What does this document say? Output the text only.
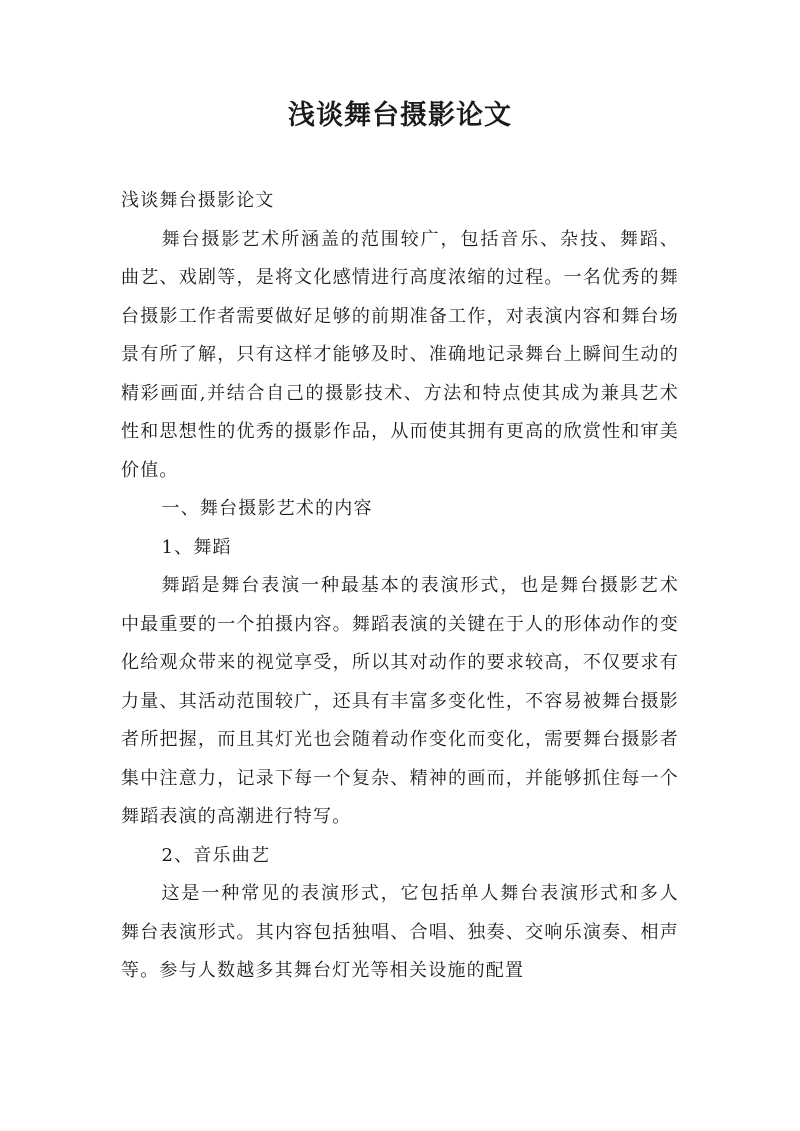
浅谈舞台摄影论文

浅谈舞台摄影论文

舞台摄影艺术所涵盖的范围较广，包括音乐、杂技、舞蹈、曲艺、戏剧等，是将文化感情进行高度浓缩的过程。一名优秀的舞台摄影工作者需要做好足够的前期准备工作，对表演内容和舞台场景有所了解，只有这样才能够及时、准确地记录舞台上瞬间生动的精彩画面,并结合自己的摄影技术、方法和特点使其成为兼具艺术性和思想性的优秀的摄影作品，从而使其拥有更高的欣赏性和审美价值。

一、舞台摄影艺术的内容

1、舞蹈

舞蹈是舞台表演一种最基本的表演形式，也是舞台摄影艺术中最重要的一个拍摄内容。舞蹈表演的关键在于人的形体动作的变化给观众带来的视觉享受，所以其对动作的要求较高，不仅要求有力量、其活动范围较广，还具有丰富多变化性，不容易被舞台摄影者所把握，而且其灯光也会随着动作变化而变化，需要舞台摄影者集中注意力，记录下每一个复杂、精神的画而，并能够抓住每一个舞蹈表演的高潮进行特写。

2、音乐曲艺

这是一种常见的表演形式，它包括单人舞台表演形式和多人舞台表演形式。其内容包括独唱、合唱、独奏、交响乐演奏、相声等。参与人数越多其舞台灯光等相关设施的配置
